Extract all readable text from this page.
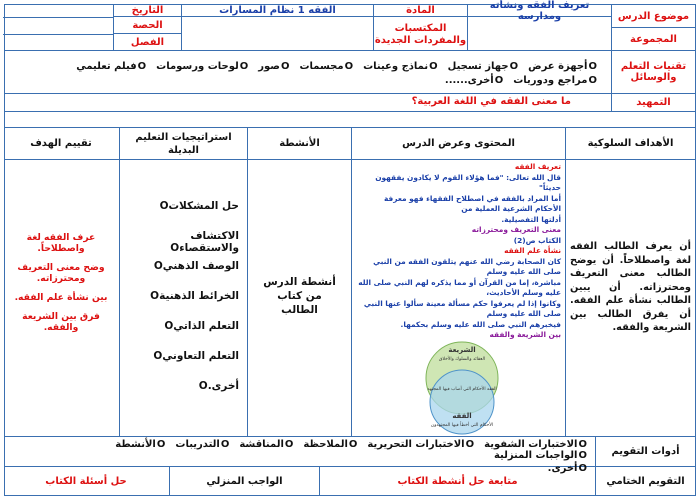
موضوع الدرس
المجموعة
تعريف الفقه ونشأته ومدارسه
المادة
المكتسبات والمفردات الجديدة
الفقه 1 نظام المسارات
التاريخ
الحصة
الفصل
تقنيات التعلم والوسائل
Oأجهزة عرضOجهاز تسجيلOنماذج وعيناتOمجسماتOصورOلوحات ورسوماتOفيلم تعليمي
Oمراجع ودورياتOأخرى......
التمهيد
ما معنى الفقه في اللغة العربية؟
الأهداف السلوكية
المحتوى وعرض الدرس
الأنشطة
استراتيجيات التعليم البديلة
تقييم الهدف
أن يعرف الطالب الفقه لغة واصطلاحاً. أن يوضح الطالب معنى التعريف ومحترزاته. أن يبين الطالب نشأة علم الفقه. أن يفرق الطالب بين الشريعة والفقه.
تعريف الفقه
قال الله تعالى: "فما هؤلاء القوم لا يكادون يفقهون حديثاً"
أما المراد بالفقه في اصطلاح الفقهاء فهو معرفة الأحكام الشرعية العملية من
أدلتها التفصيلية.
معنى التعريف ومحترزاته
الكتاب ص(2)
نشأة علم الفقه
كان الصحابة رضي الله عنهم يتلقون الفقه من النبي صلى الله عليه وسلم
مباشرة، إما من القرآن أو مما يذكره لهم النبي صلى الله عليه وسلم الأحاديث،
وكانوا إذا لم يعرفوا حكم مسألة معينة سألوا عنها النبي صلى الله عليه وسلم
فيخبرهم النبي صلى الله عليه وسلم بحكمها.
بين الشريعة والفقه
الشريعة
العقائد والسلوك والأخلاق
الفقه الأحكام التي أصاب فيها المجتهد
الفقه
الأحكام التي أخطأ فيها المجتهدون
أنشطة الدرس من كتاب الطالب
حل المشكلاتO
الاكتشاف والاستقصاءO
الوصف الذهنيO
الخرائط الذهنيةO
التعلم الذاتيO
التعلم التعاونيO
أخرى.O
عرف الفقه لغة واصطلاحاً.
وضح معنى التعريف ومحترزاته.
بين نشأة علم الفقه.
فرق بين الشريعة والفقه.
أدوات التقويم
Oالاختبارات الشفويةOالاختبارات التحريريةOالملاحظةOالمناقشةOالتدريباتOالأنشطةOالواجبات المنزلية
Oأخرى.
التقويم الختامي
متابعة حل أنشطة الكتاب
الواجب المنزلي
حل أسئلة الكتاب
